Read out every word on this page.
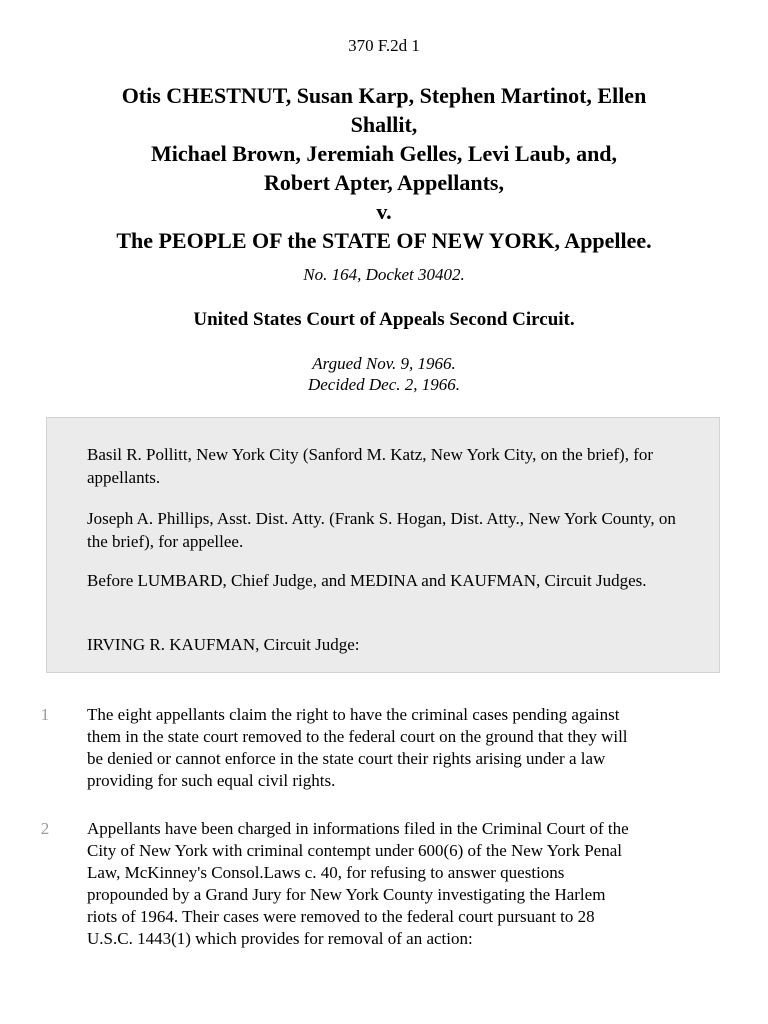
370 F.2d 1
Otis CHESTNUT, Susan Karp, Stephen Martinot, Ellen
Shallit,
Michael Brown, Jeremiah Gelles, Levi Laub, and,
Robert Apter, Appellants,
v.
The PEOPLE OF the STATE OF NEW YORK, Appellee.
No. 164, Docket 30402.
United States Court of Appeals Second Circuit.
Argued Nov. 9, 1966.
Decided Dec. 2, 1966.
Basil R. Pollitt, New York City (Sanford M. Katz, New York City, on the brief), for appellants.
Joseph A. Phillips, Asst. Dist. Atty. (Frank S. Hogan, Dist. Atty., New York County, on the brief), for appellee.
Before LUMBARD, Chief Judge, and MEDINA and KAUFMAN, Circuit Judges.
IRVING R. KAUFMAN, Circuit Judge:
1	The eight appellants claim the right to have the criminal cases pending against
them in the state court removed to the federal court on the ground that they will
be denied or cannot enforce in the state court their rights arising under a law
providing for such equal civil rights.
2	Appellants have been charged in informations filed in the Criminal Court of the
City of New York with criminal contempt under 600(6) of the New York Penal
Law, McKinney's Consol.Laws c. 40, for refusing to answer questions
propounded by a Grand Jury for New York County investigating the Harlem
riots of 1964. Their cases were removed to the federal court pursuant to 28
U.S.C. 1443(1) which provides for removal of an action:
